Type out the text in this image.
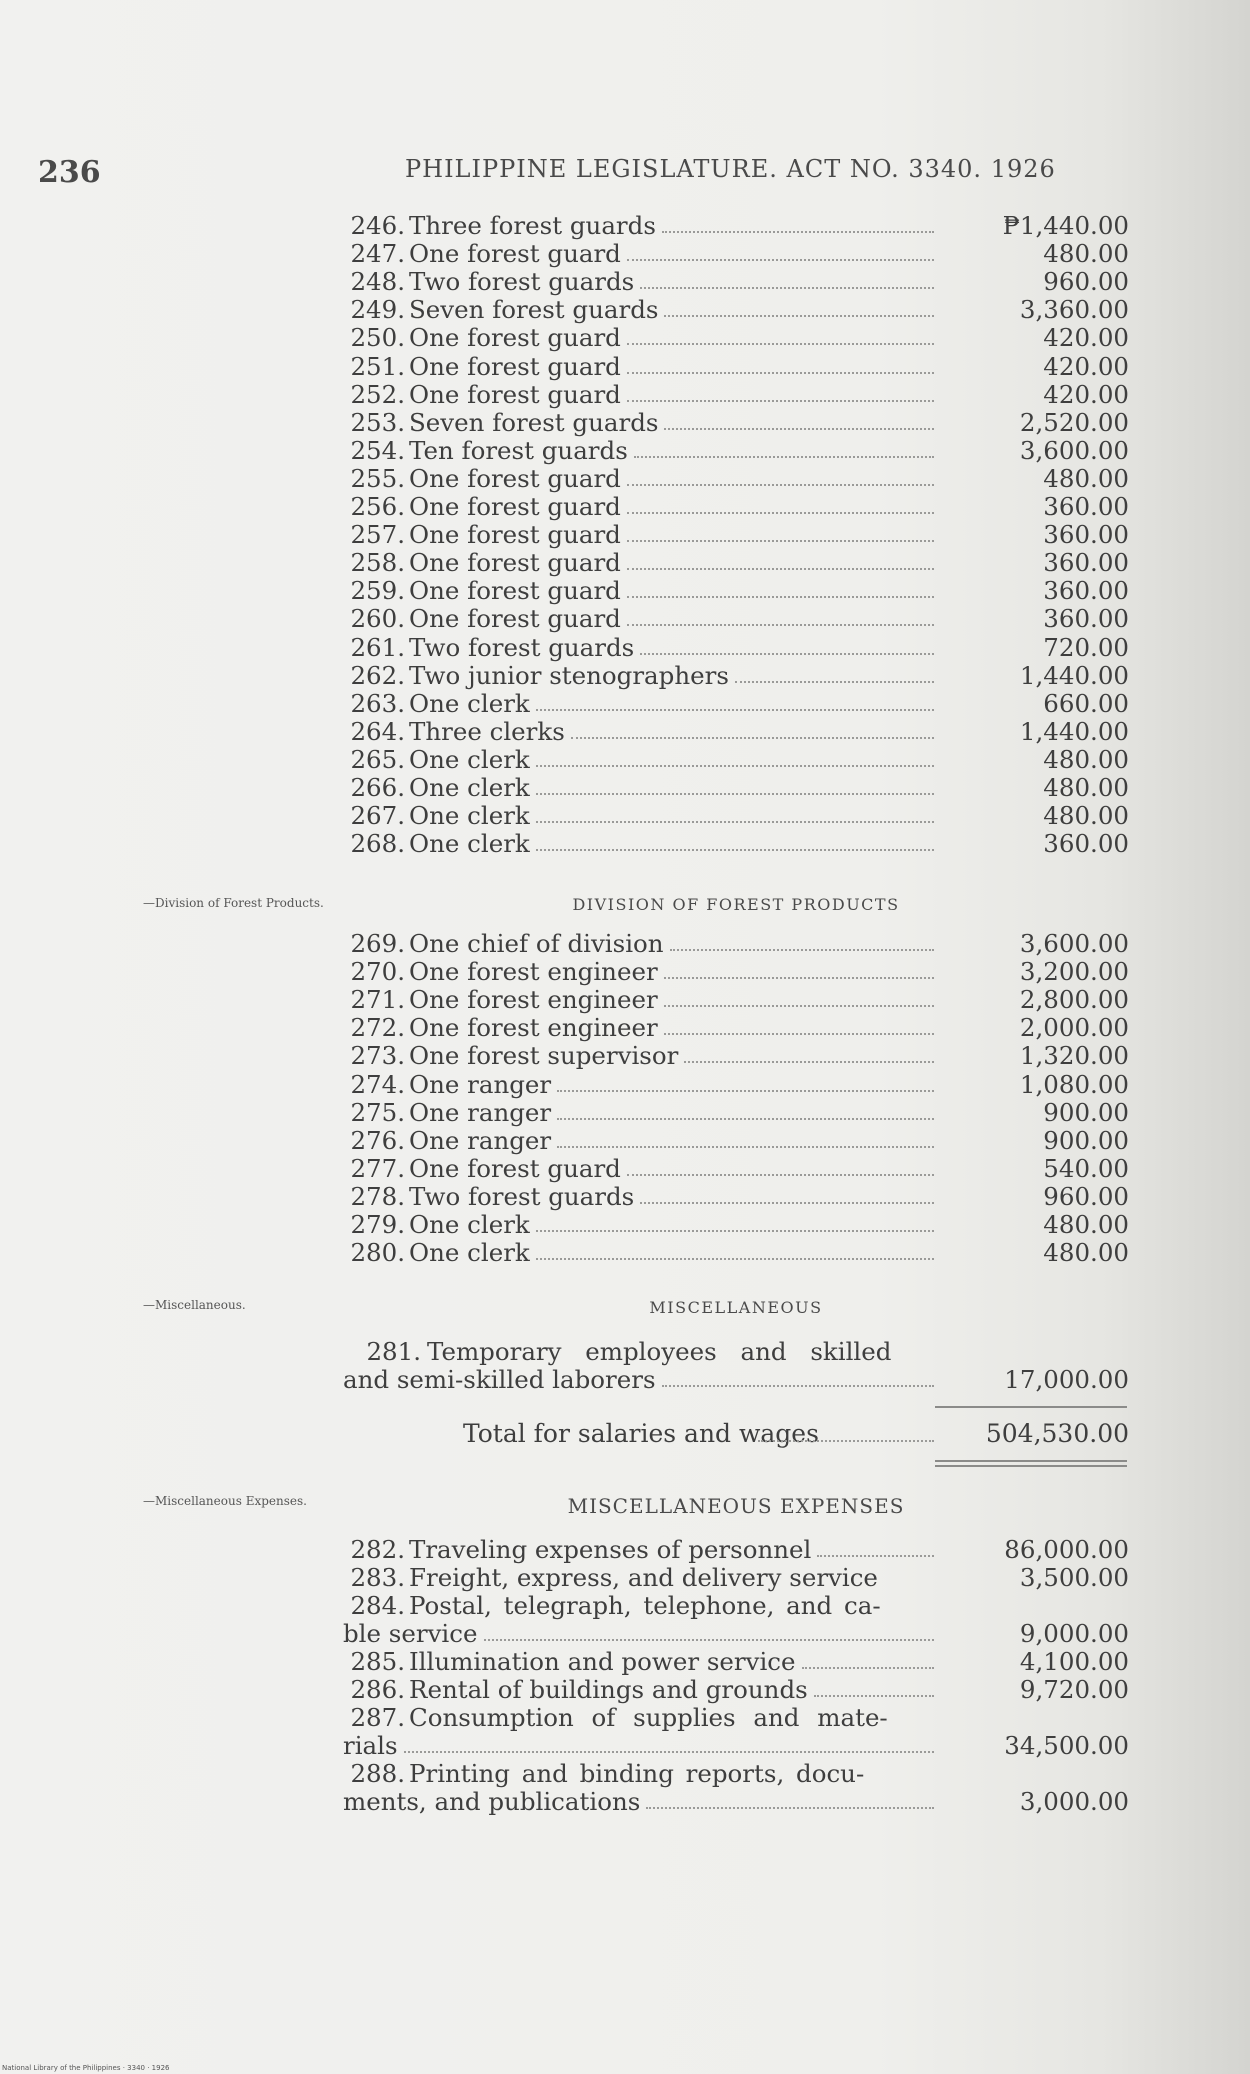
236	PHILIPPINE LEGISLATURE. ACT NO. 3340. 1926
246. Three forest guards	₱1,440.00
247. One forest guard	480.00
248. Two forest guards	960.00
249. Seven forest guards	3,360.00
250. One forest guard	420.00
251. One forest guard	420.00
252. One forest guard	420.00
253. Seven forest guards	2,520.00
254. Ten forest guards	3,600.00
255. One forest guard	480.00
256. One forest guard	360.00
257. One forest guard	360.00
258. One forest guard	360.00
259. One forest guard	360.00
260. One forest guard	360.00
261. Two forest guards	720.00
262. Two junior stenographers	1,440.00
263. One clerk	660.00
264. Three clerks	1,440.00
265. One clerk	480.00
266. One clerk	480.00
267. One clerk	480.00
268. One clerk	360.00
—Division of Forest Products.	DIVISION OF FOREST PRODUCTS
269. One chief of division	3,600.00
270. One forest engineer	3,200.00
271. One forest engineer	2,800.00
272. One forest engineer	2,000.00
273. One forest supervisor	1,320.00
274. One ranger	1,080.00
275. One ranger	900.00
276. One ranger	900.00
277. One forest guard	540.00
278. Two forest guards	960.00
279. One clerk	480.00
280. One clerk	480.00
—Miscellaneous.	MISCELLANEOUS
281. Temporary employees and skilled
and semi-skilled laborers	17,000.00
Total for salaries and wages	504,530.00
—Miscellaneous Expenses.	MISCELLANEOUS EXPENSES
282. Traveling expenses of personnel	86,000.00
283. Freight, express, and delivery service	3,500.00
284. Postal, telegraph, telephone, and ca-
ble service	9,000.00
285. Illumination and power service	4,100.00
286. Rental of buildings and grounds	9,720.00
287. Consumption of supplies and mate-
rials	34,500.00
288. Printing and binding reports, docu-
ments, and publications	3,000.00
National Library of the Philippines · 3340 · 1926
